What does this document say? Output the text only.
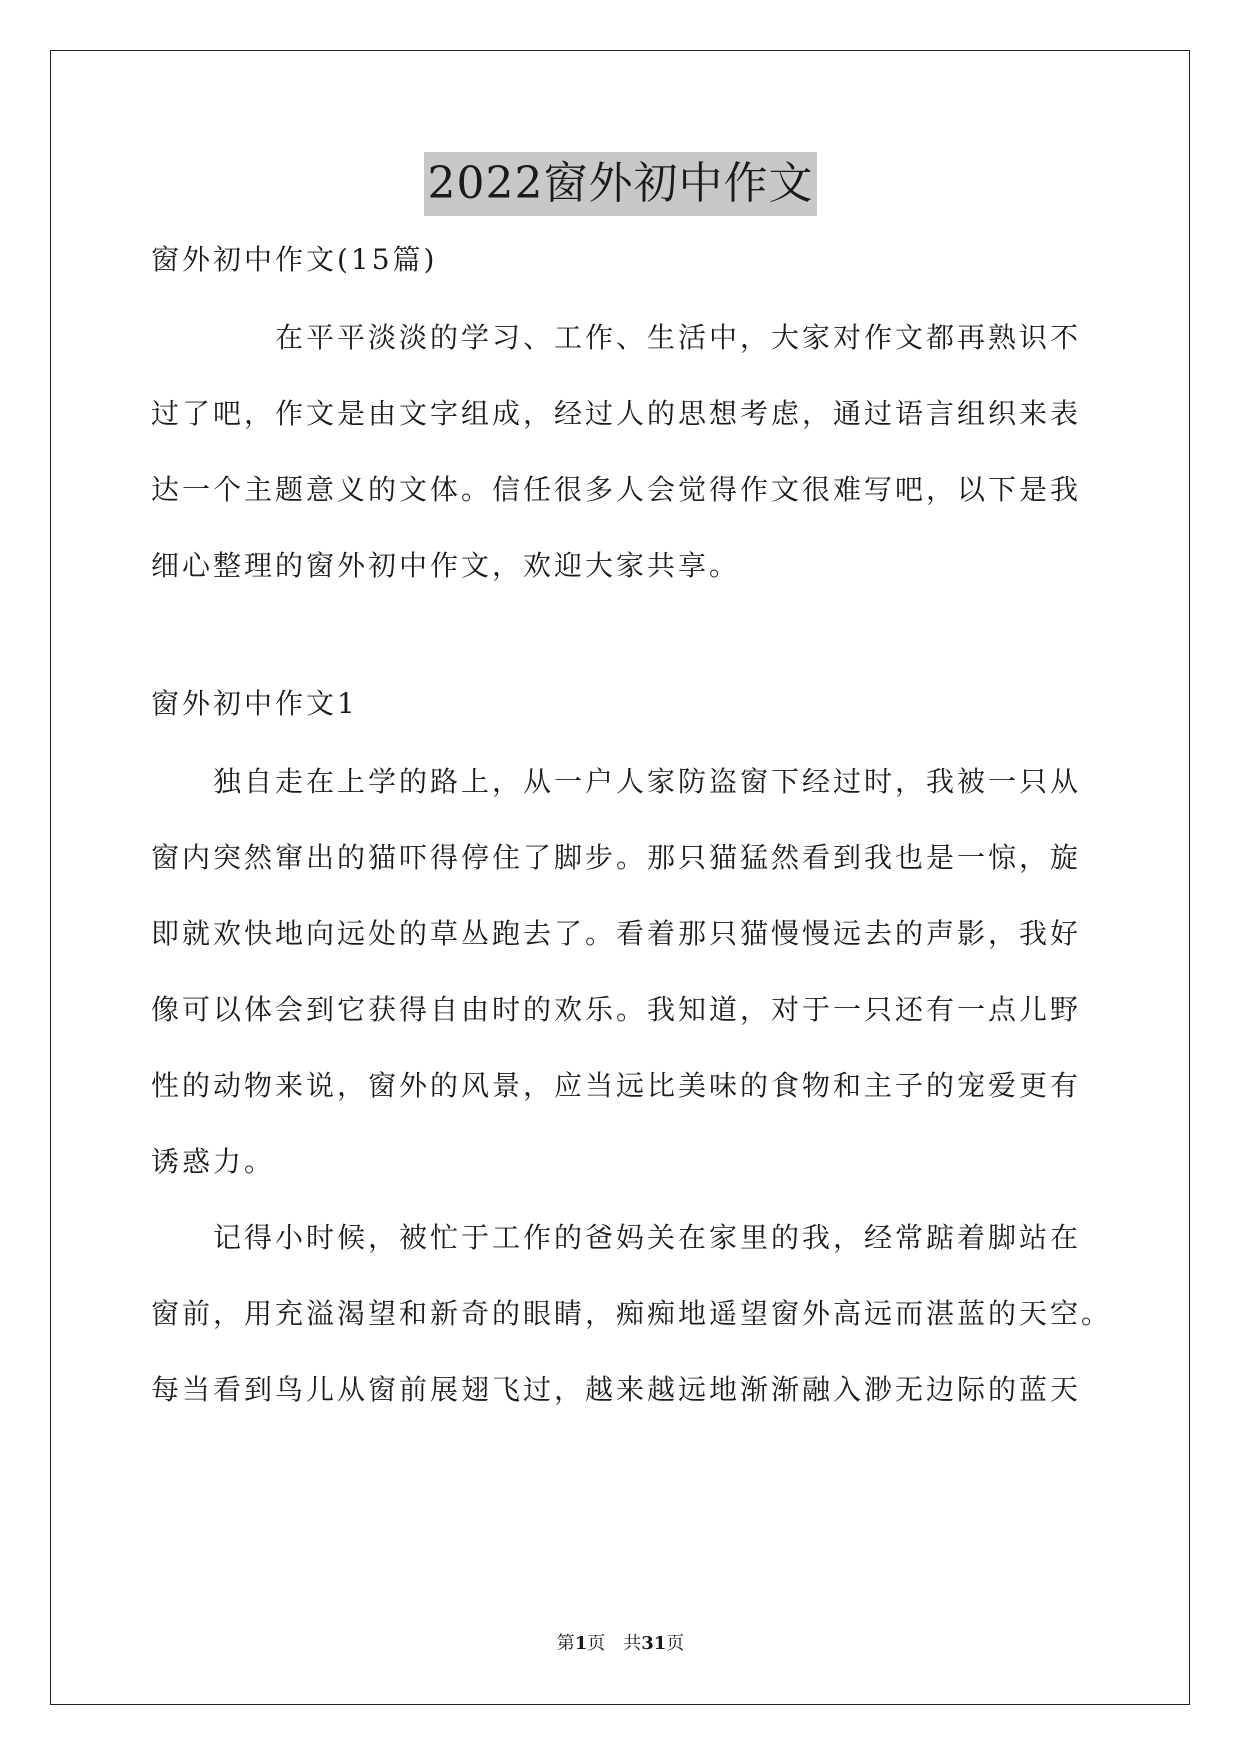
2022窗外初中作文
窗外初中作文(15篇)
　　　　在平平淡淡的学习、工作、生活中，大家对作文都再熟识不
过了吧，作文是由文字组成，经过人的思想考虑，通过语言组织来表
达一个主题意义的文体。信任很多人会觉得作文很难写吧，以下是我
细心整理的窗外初中作文，欢迎大家共享。
窗外初中作文1
　　独自走在上学的路上，从一户人家防盗窗下经过时，我被一只从
窗内突然窜出的猫吓得停住了脚步。那只猫猛然看到我也是一惊，旋
即就欢快地向远处的草丛跑去了。看着那只猫慢慢远去的声影，我好
像可以体会到它获得自由时的欢乐。我知道，对于一只还有一点儿野
性的动物来说，窗外的风景，应当远比美味的食物和主子的宠爱更有
诱惑力。
　　记得小时候，被忙于工作的爸妈关在家里的我，经常踮着脚站在
窗前，用充溢渴望和新奇的眼睛，痴痴地遥望窗外高远而湛蓝的天空。
每当看到鸟儿从窗前展翅飞过，越来越远地渐渐融入渺无边际的蓝天
第1页　共31页
